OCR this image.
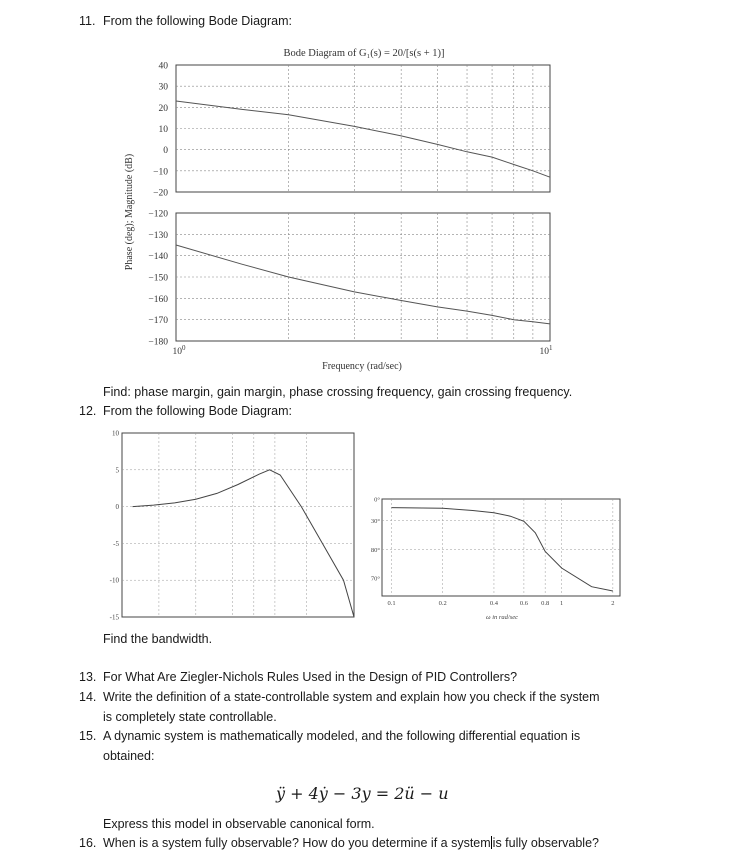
11. From the following Bode Diagram:
Bode Diagram of G₁(s) = 20/[s(s + 1)]
40
30
20
10
0
−10
−20
−120
−130
−140
−150
−160
−170
−180
Phase (deg); Magnitude (dB)
$10^0$	$10^1$
Frequency (rad/sec)
Find: phase margin, gain margin, phase crossing frequency, gain crossing frequency.
12. From the following Bode Diagram:
10
5
0
-5
-10
-15
0.1	0.2	0.4	0.6 0.8 1	2
0°
30°
80°
70°
ω in rad/sec
Find the bandwidth.
13. For What Are Ziegler-Nichols Rules Used in the Design of PID Controllers?
14. Write the definition of a state-controllable system and explain how you check if the system
is completely state controllable.
15. A dynamic system is mathematically modeled, and the following differential equation is
obtained:
ÿ + 4ẏ − 3y = 2ü − u
Express this model in observable canonical form.
16. When is a system fully observable? How do you determine if a system is fully observable?
